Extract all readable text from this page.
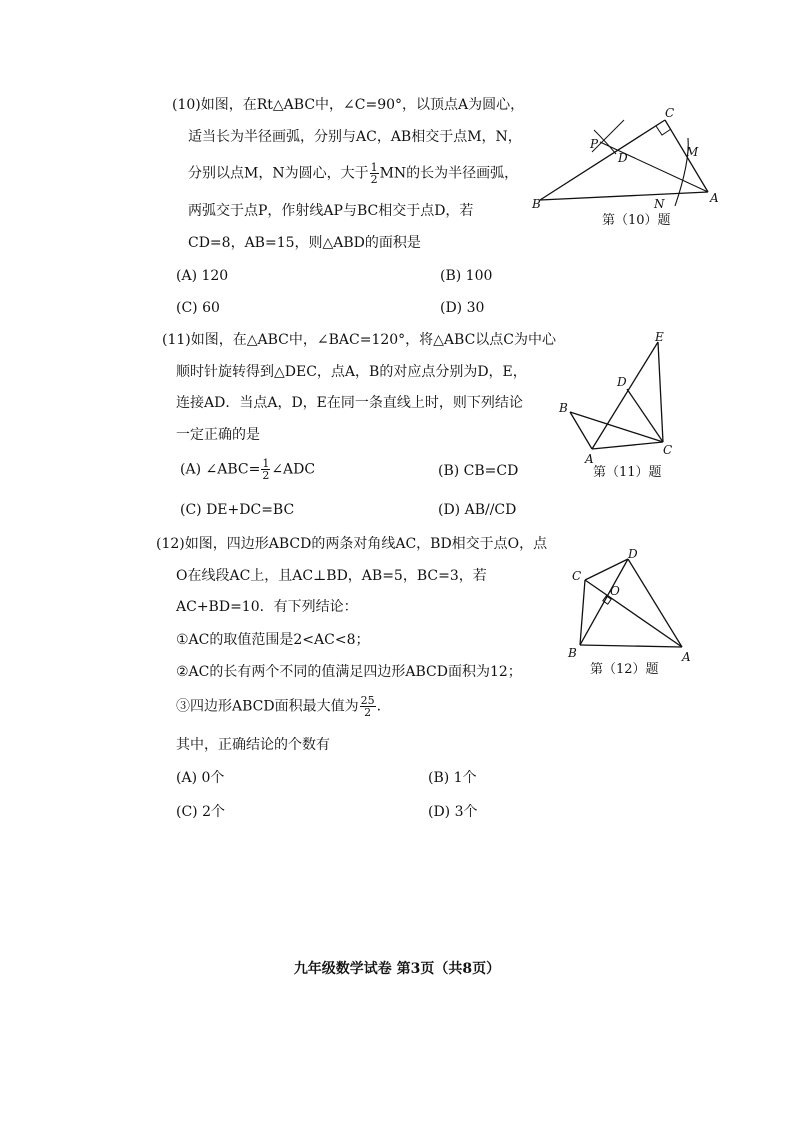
(10)如图，在Rt△ABC中，∠C=90°，以顶点A为圆心，
适当长为半径画弧，分别与AC，AB相交于点M，N，
分别以点M，N为圆心，大于 $\frac{1}{2}$ MN的长为半径画弧，
两弧交于点P，作射线AP与BC相交于点D，若
CD=8，AB=15，则△ABD的面积是
(A) 120	(B) 100
(C) 60	(D) 30
C
P
D	M
B	N	A
第（10）题
(11)如图，在△ABC中，∠BAC=120°，将△ABC以点C为中心
顺时针旋转得到△DEC，点A，B的对应点分别为D，E，
连接AD．当点A，D，E在同一条直线上时，则下列结论
一定正确的是
(A) ∠ABC= $\frac{1}{2}$ ∠ADC	(B) CB=CD
(C) DE+DC=BC	(D) AB//CD
E
D
B
A
C
第（11）题
(12)如图，四边形ABCD的两条对角线AC，BD相交于点O，点
O在线段AC上，且AC⊥BD，AB=5，BC=3，若
AC+BD=10．有下列结论：
①AC的取值范围是2<AC<8；
②AC的长有两个不同的值满足四边形ABCD面积为12；
③四边形ABCD面积最大值为 $\frac{25}{2}$ .
其中，正确结论的个数有
(A) 0个	(B) 1个
(C) 2个	(D) 3个
D
C
O
B	A
第（12）题
九年级数学试卷 第3页（共8页）
